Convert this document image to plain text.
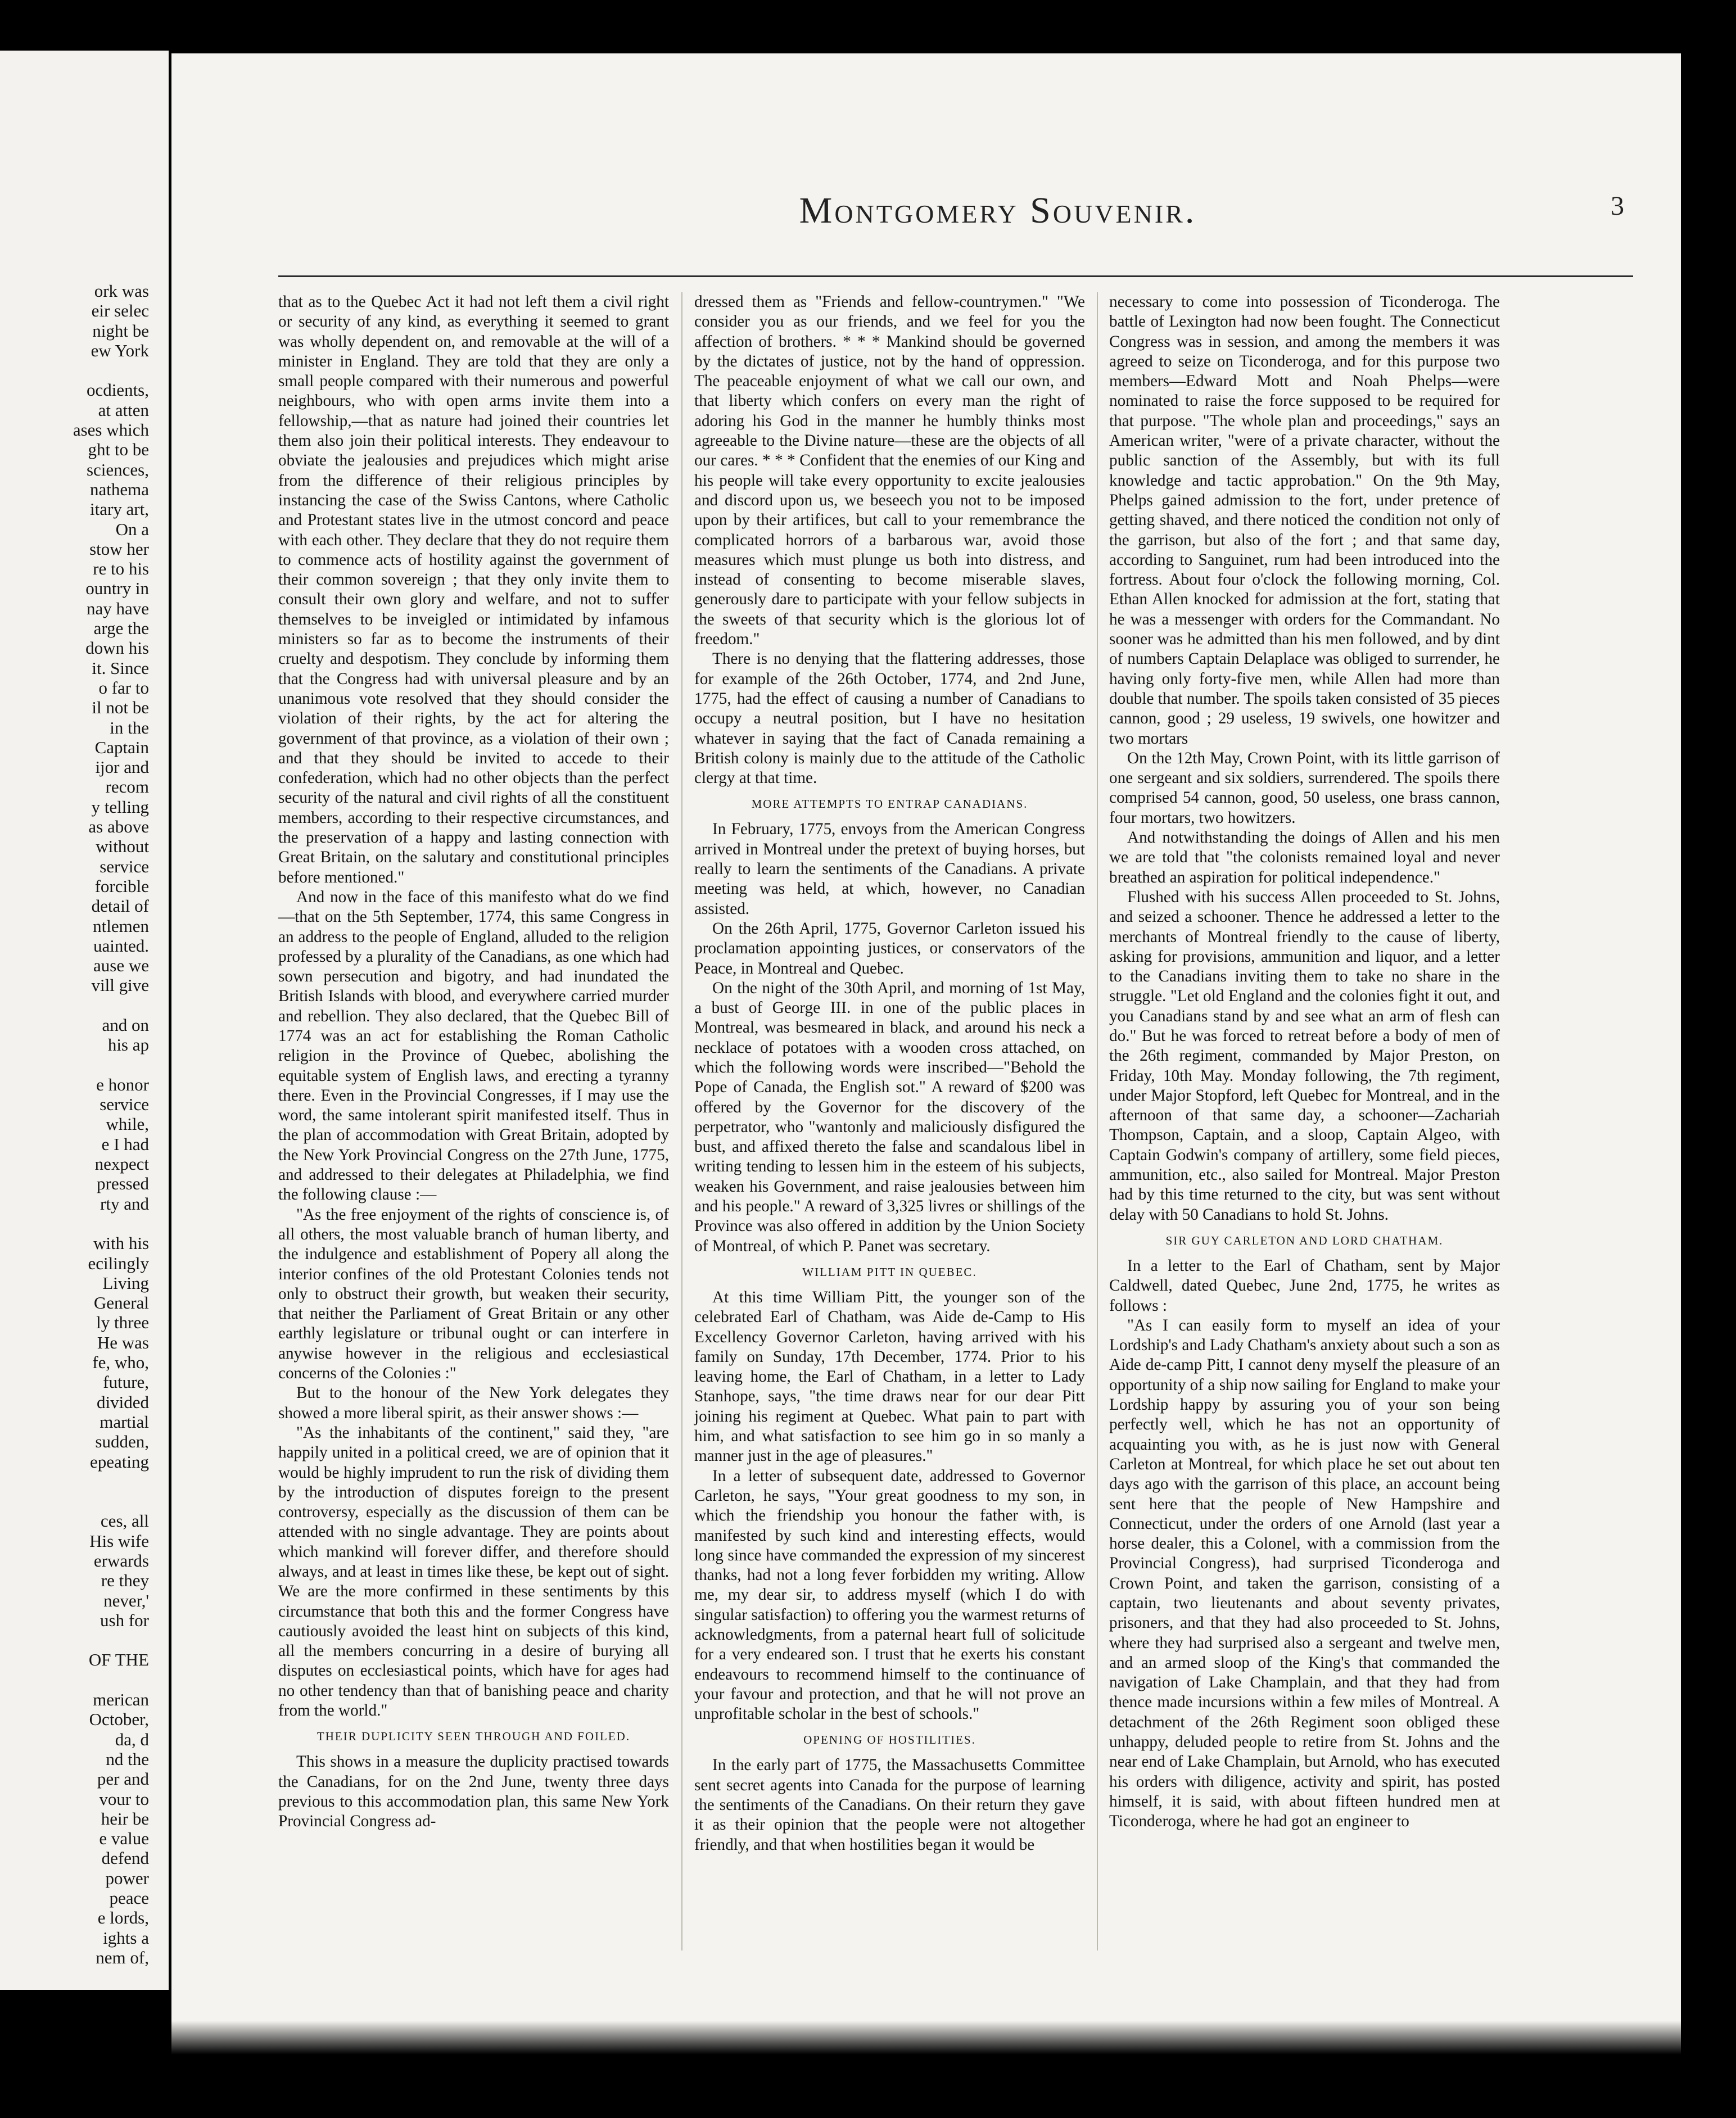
ork was
eir selec
night be
ew York

ocdients,
at atten
ases which
ght to be
sciences,
nathema
itary art,
On a
stow her
re to his
ountry in
nay have
arge the
down his
it. Since
o far to
il not be
in the
Captain
ijor and
recom
y telling
as above
without
service
forcible
detail of
ntlemen
uainted.
ause we
vill give

and on
his ap

e honor
service
while,
e I had
nexpect
pressed
rty and

with his
ecilingly
Living
General
ly three
He was
fe, who,
future,
divided
martial
sudden,
epeating

ces, all
His wife
erwards
re they
never,'
ush for

OF THE

merican
October,
da, d
nd the
per and
vour to
heir be
e value
defend
power
peace
e lords,
ights a
nem of,
Montgomery Souvenir.	3

that as to the Quebec Act it had not left them a civil right or security of any kind, as everything it seemed to grant was wholly dependent on, and removable at the will of a minister in England. They are told that they are only a small people compared with their numerous and powerful neighbours, who with open arms invite them into a fellowship,—that as nature had joined their countries let them also join their political interests. They endeavour to obviate the jealousies and prejudices which might arise from the difference of their religious principles by instancing the case of the Swiss Cantons, where Catholic and Protestant states live in the utmost concord and peace with each other. They declare that they do not require them to commence acts of hostility against the government of their common sovereign ; that they only invite them to consult their own glory and welfare, and not to suffer themselves to be inveigled or intimidated by infamous ministers so far as to become the instruments of their cruelty and despotism. They conclude by informing them that the Congress had with universal pleasure and by an unanimous vote resolved that they should consider the violation of their rights, by the act for altering the government of that province, as a violation of their own ; and that they should be invited to accede to their confederation, which had no other objects than the perfect security of the natural and civil rights of all the constituent members, according to their respective circumstances, and the preservation of a happy and lasting connection with Great Britain, on the salutary and constitutional principles before mentioned."

And now in the face of this manifesto what do we find—that on the 5th September, 1774, this same Congress in an address to the people of England, alluded to the religion professed by a plurality of the Canadians, as one which had sown persecution and bigotry, and had inundated the British Islands with blood, and everywhere carried murder and rebellion. They also declared, that the Quebec Bill of 1774 was an act for establishing the Roman Catholic religion in the Province of Quebec, abolishing the equitable system of English laws, and erecting a tyranny there. Even in the Provincial Congresses, if I may use the word, the same intolerant spirit manifested itself. Thus in the plan of accommodation with Great Britain, adopted by the New York Provincial Congress on the 27th June, 1775, and addressed to their delegates at Philadelphia, we find the following clause :—

"As the free enjoyment of the rights of conscience is, of all others, the most valuable branch of human liberty, and the indulgence and establishment of Popery all along the interior confines of the old Protestant Colonies tends not only to obstruct their growth, but weaken their security, that neither the Parliament of Great Britain or any other earthly legislature or tribunal ought or can interfere in anywise however in the religious and ecclesiastical concerns of the Colonies :"

But to the honour of the New York delegates they showed a more liberal spirit, as their answer shows :—

"As the inhabitants of the continent," said they, "are happily united in a political creed, we are of opinion that it would be highly imprudent to run the risk of dividing them by the introduction of disputes foreign to the present controversy, especially as the discussion of them can be attended with no single advantage. They are points about which mankind will forever differ, and therefore should always, and at least in times like these, be kept out of sight. We are the more confirmed in these sentiments by this circumstance that both this and the former Congress have cautiously avoided the least hint on subjects of this kind, all the members concurring in a desire of burying all disputes on ecclesiastical points, which have for ages had no other tendency than that of banishing peace and charity from the world."

THEIR DUPLICITY SEEN THROUGH AND FOILED.

This shows in a measure the duplicity practised towards the Canadians, for on the 2nd June, twenty three days previous to this accommodation plan, this same New York Provincial Congress ad-

dressed them as "Friends and fellow-countrymen." "We consider you as our friends, and we feel for you the affection of brothers. * * * Mankind should be governed by the dictates of justice, not by the hand of oppression. The peaceable enjoyment of what we call our own, and that liberty which confers on every man the right of adoring his God in the manner he humbly thinks most agreeable to the Divine nature—these are the objects of all our cares. * * * Confident that the enemies of our King and his people will take every opportunity to excite jealousies and discord upon us, we beseech you not to be imposed upon by their artifices, but call to your remembrance the complicated horrors of a barbarous war, avoid those measures which must plunge us both into distress, and instead of consenting to become miserable slaves, generously dare to participate with your fellow subjects in the sweets of that security which is the glorious lot of freedom."

There is no denying that the flattering addresses, those for example of the 26th October, 1774, and 2nd June, 1775, had the effect of causing a number of Canadians to occupy a neutral position, but I have no hesitation whatever in saying that the fact of Canada remaining a British colony is mainly due to the attitude of the Catholic clergy at that time.

MORE ATTEMPTS TO ENTRAP CANADIANS.

In February, 1775, envoys from the American Congress arrived in Montreal under the pretext of buying horses, but really to learn the sentiments of the Canadians. A private meeting was held, at which, however, no Canadian assisted.

On the 26th April, 1775, Governor Carleton issued his proclamation appointing justices, or conservators of the Peace, in Montreal and Quebec.

On the night of the 30th April, and morning of 1st May, a bust of George III. in one of the public places in Montreal, was besmeared in black, and around his neck a necklace of potatoes with a wooden cross attached, on which the following words were inscribed—"Behold the Pope of Canada, the English sot." A reward of $200 was offered by the Governor for the discovery of the perpetrator, who "wantonly and maliciously disfigured the bust, and affixed thereto the false and scandalous libel in writing tending to lessen him in the esteem of his subjects, weaken his Government, and raise jealousies between him and his people." A reward of 3,325 livres or shillings of the Province was also offered in addition by the Union Society of Montreal, of which P. Panet was secretary.

WILLIAM PITT IN QUEBEC.

At this time William Pitt, the younger son of the celebrated Earl of Chatham, was Aide de-Camp to His Excellency Governor Carleton, having arrived with his family on Sunday, 17th December, 1774. Prior to his leaving home, the Earl of Chatham, in a letter to Lady Stanhope, says, "the time draws near for our dear Pitt joining his regiment at Quebec. What pain to part with him, and what satisfaction to see him go in so manly a manner just in the age of pleasures."

In a letter of subsequent date, addressed to Governor Carleton, he says, "Your great goodness to my son, in which the friendship you honour the father with, is manifested by such kind and interesting effects, would long since have commanded the expression of my sincerest thanks, had not a long fever forbidden my writing. Allow me, my dear sir, to address myself (which I do with singular satisfaction) to offering you the warmest returns of acknowledgments, from a paternal heart full of solicitude for a very endeared son. I trust that he exerts his constant endeavours to recommend himself to the continuance of your favour and protection, and that he will not prove an unprofitable scholar in the best of schools."

OPENING OF HOSTILITIES.

In the early part of 1775, the Massachusetts Committee sent secret agents into Canada for the purpose of learning the sentiments of the Canadians. On their return they gave it as their opinion that the people were not altogether friendly, and that when hostilities began it would be

necessary to come into possession of Ticonderoga. The battle of Lexington had now been fought. The Connecticut Congress was in session, and among the members it was agreed to seize on Ticonderoga, and for this purpose two members—Edward Mott and Noah Phelps—were nominated to raise the force supposed to be required for that purpose. "The whole plan and proceedings," says an American writer, "were of a private character, without the public sanction of the Assembly, but with its full knowledge and tactic approbation." On the 9th May, Phelps gained admission to the fort, under pretence of getting shaved, and there noticed the condition not only of the garrison, but also of the fort ; and that same day, according to Sanguinet, rum had been introduced into the fortress. About four o'clock the following morning, Col. Ethan Allen knocked for admission at the fort, stating that he was a messenger with orders for the Commandant. No sooner was he admitted than his men followed, and by dint of numbers Captain Delaplace was obliged to surrender, he having only forty-five men, while Allen had more than double that number. The spoils taken consisted of 35 pieces cannon, good ; 29 useless, 19 swivels, one howitzer and two mortars

On the 12th May, Crown Point, with its little garrison of one sergeant and six soldiers, surrendered. The spoils there comprised 54 cannon, good, 50 useless, one brass cannon, four mortars, two howitzers.

And notwithstanding the doings of Allen and his men we are told that "the colonists remained loyal and never breathed an aspiration for political independence."

Flushed with his success Allen proceeded to St. Johns, and seized a schooner. Thence he addressed a letter to the merchants of Montreal friendly to the cause of liberty, asking for provisions, ammunition and liquor, and a letter to the Canadians inviting them to take no share in the struggle. "Let old England and the colonies fight it out, and you Canadians stand by and see what an arm of flesh can do." But he was forced to retreat before a body of men of the 26th regiment, commanded by Major Preston, on Friday, 10th May. Monday following, the 7th regiment, under Major Stopford, left Quebec for Montreal, and in the afternoon of that same day, a schooner—Zachariah Thompson, Captain, and a sloop, Captain Algeo, with Captain Godwin's company of artillery, some field pieces, ammunition, etc., also sailed for Montreal. Major Preston had by this time returned to the city, but was sent without delay with 50 Canadians to hold St. Johns.

SIR GUY CARLETON AND LORD CHATHAM.

In a letter to the Earl of Chatham, sent by Major Caldwell, dated Quebec, June 2nd, 1775, he writes as follows :

"As I can easily form to myself an idea of your Lordship's and Lady Chatham's anxiety about such a son as Aide de-camp Pitt, I cannot deny myself the pleasure of an opportunity of a ship now sailing for England to make your Lordship happy by assuring you of your son being perfectly well, which he has not an opportunity of acquainting you with, as he is just now with General Carleton at Montreal, for which place he set out about ten days ago with the garrison of this place, an account being sent here that the people of New Hampshire and Connecticut, under the orders of one Arnold (last year a horse dealer, this a Colonel, with a commission from the Provincial Congress), had surprised Ticonderoga and Crown Point, and taken the garrison, consisting of a captain, two lieutenants and about seventy privates, prisoners, and that they had also proceeded to St. Johns, where they had surprised also a sergeant and twelve men, and an armed sloop of the King's that commanded the navigation of Lake Champlain, and that they had from thence made incursions within a few miles of Montreal. A detachment of the 26th Regiment soon obliged these unhappy, deluded people to retire from St. Johns and the near end of Lake Champlain, but Arnold, who has executed his orders with diligence, activity and spirit, has posted himself, it is said, with about fifteen hundred men at Ticonderoga, where he had got an engineer to
